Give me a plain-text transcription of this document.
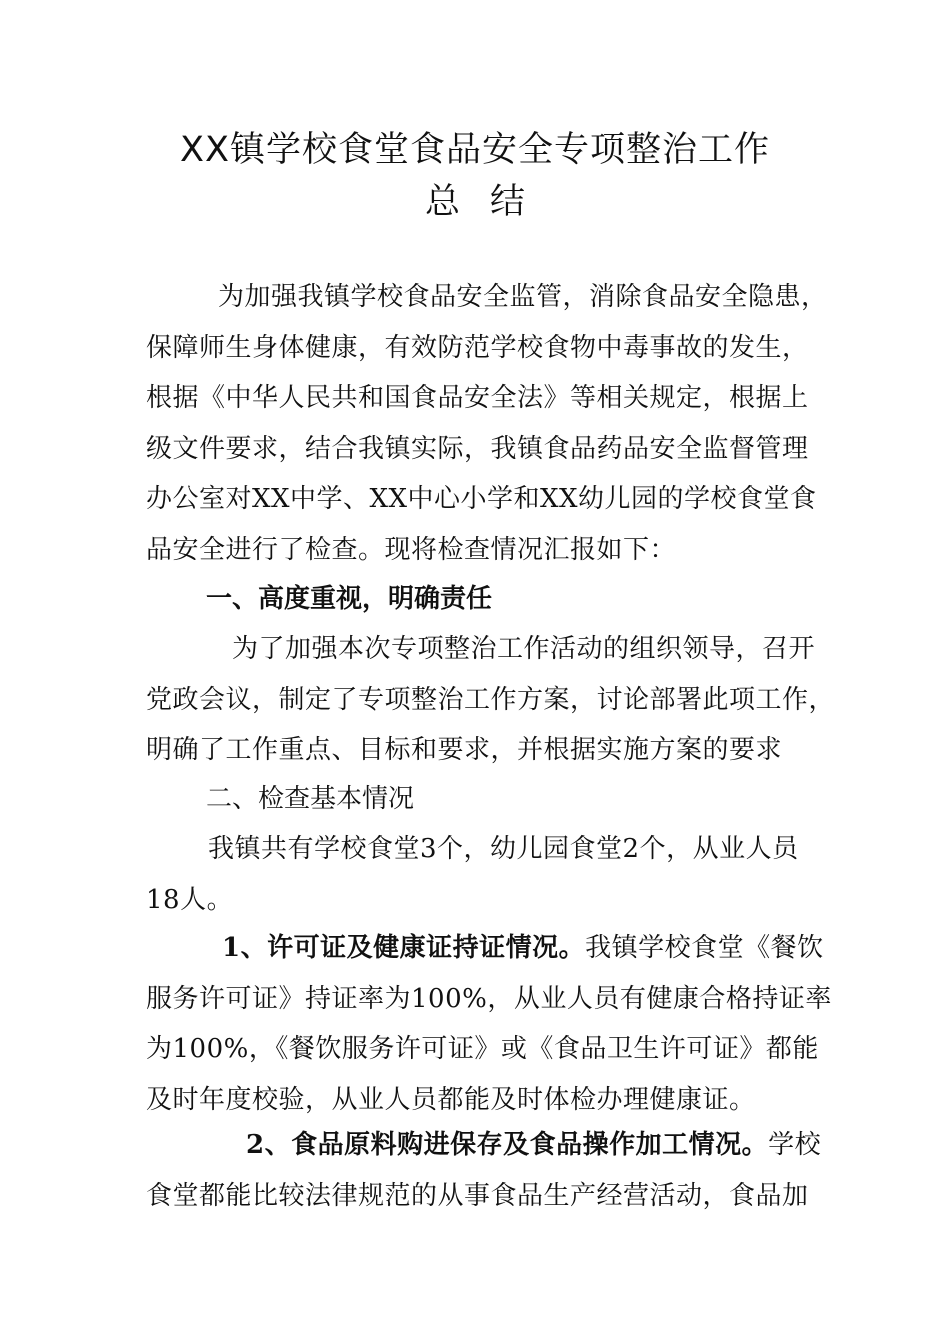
XX镇学校食堂食品安全专项整治工作
总结
为加强我镇学校食品安全监管，消除食品安全隐患，
保障师生身体健康，有效防范学校食物中毒事故的发生，
根据《中华人民共和国食品安全法》等相关规定，根据上
级文件要求，结合我镇实际，我镇食品药品安全监督管理
办公室对XX中学、XX中心小学和XX幼儿园的学校食堂食
品安全进行了检查。现将检查情况汇报如下：
一、高度重视，明确责任
为了加强本次专项整治工作活动的组织领导，召开
党政会议，制定了专项整治工作方案，讨论部署此项工作，
明确了工作重点、目标和要求，并根据实施方案的要求
二、检查基本情况
我镇共有学校食堂3个，幼儿园食堂2个，从业人员
18人。
1、许可证及健康证持证情况。我镇学校食堂《餐饮
服务许可证》持证率为100%，从业人员有健康合格持证率
为100%，《餐饮服务许可证》或《食品卫生许可证》都能
及时年度校验，从业人员都能及时体检办理健康证。
2、食品原料购进保存及食品操作加工情况。学校
食堂都能比较法律规范的从事食品生产经营活动，食品加
